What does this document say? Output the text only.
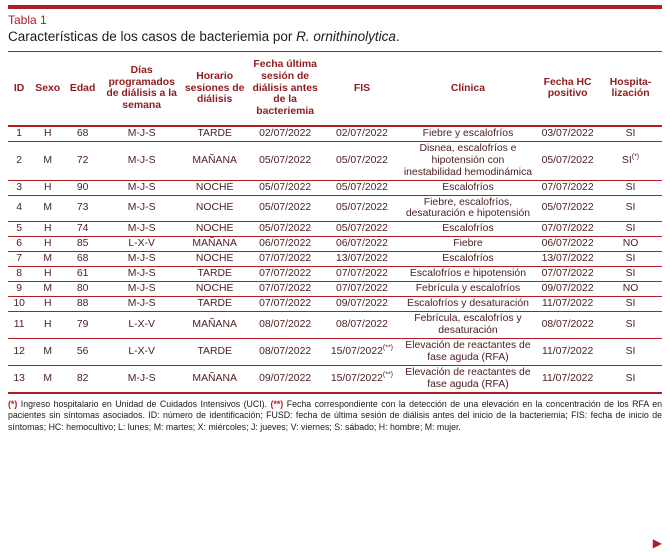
Tabla 1
Características de los casos de bacteriemia por R. ornithinolytica.
ID	Sexo	Edad	Días programados de diálisis a la semana	Horario sesiones de diálisis	Fecha última sesión de diálisis antes de la bacteriemia	FIS	Clínica	Fecha HC positivo	Hospita-lización
1	H	68	M-J-S	TARDE	02/07/2022	02/07/2022	Fiebre y escalofríos	03/07/2022	SI
2	M	72	M-J-S	MAÑANA	05/07/2022	05/07/2022	Disnea, escalofríos e hipotensión con inestabilidad hemodinámica	05/07/2022	SI(*)
3	H	90	M-J-S	NOCHE	05/07/2022	05/07/2022	Escalofríos	07/07/2022	SI
4	M	73	M-J-S	NOCHE	05/07/2022	05/07/2022	Fiebre, escalofríos, desaturación e hipotensión	05/07/2022	SI
5	H	74	M-J-S	NOCHE	05/07/2022	05/07/2022	Escalofríos	07/07/2022	SI
6	H	85	L-X-V	MAÑANA	06/07/2022	06/07/2022	Fiebre	06/07/2022	NO
7	M	68	M-J-S	NOCHE	07/07/2022	13/07/2022	Escalofríos	13/07/2022	SI
8	H	61	M-J-S	TARDE	07/07/2022	07/07/2022	Escalofríos e hipotensión	07/07/2022	SI
9	M	80	M-J-S	NOCHE	07/07/2022	07/07/2022	Febrícula y escalofríos	09/07/2022	NO
10	H	88	M-J-S	TARDE	07/07/2022	09/07/2022	Escalofríos y desaturación	11/07/2022	SI
11	H	79	L-X-V	MAÑANA	08/07/2022	08/07/2022	Febrícula, escalofríos y desaturación	08/07/2022	SI
12	M	56	L-X-V	TARDE	08/07/2022	15/07/2022(**)	Elevación de reactantes de fase aguda (RFA)	11/07/2022	SI
13	M	82	M-J-S	MAÑANA	09/07/2022	15/07/2022(**)	Elevación de reactantes de fase aguda (RFA)	11/07/2022	SI

(*) Ingreso hospitalario en Unidad de Cuidados Intensivos (UCI). (**) Fecha correspondiente con la detección de una elevación en la concentración de los RFA en pacientes sin síntomas asociados. ID: número de identificación; FUSD: fecha de última sesión de diálisis antes del inicio de la bacteriemia; FIS: fecha de inicio de síntomas; HC: hemocultivo; L: lunes; M: martes; X: miércoles; J: jueves; V: viernes; S: sábado; H: hombre; M: mujer.

▶
